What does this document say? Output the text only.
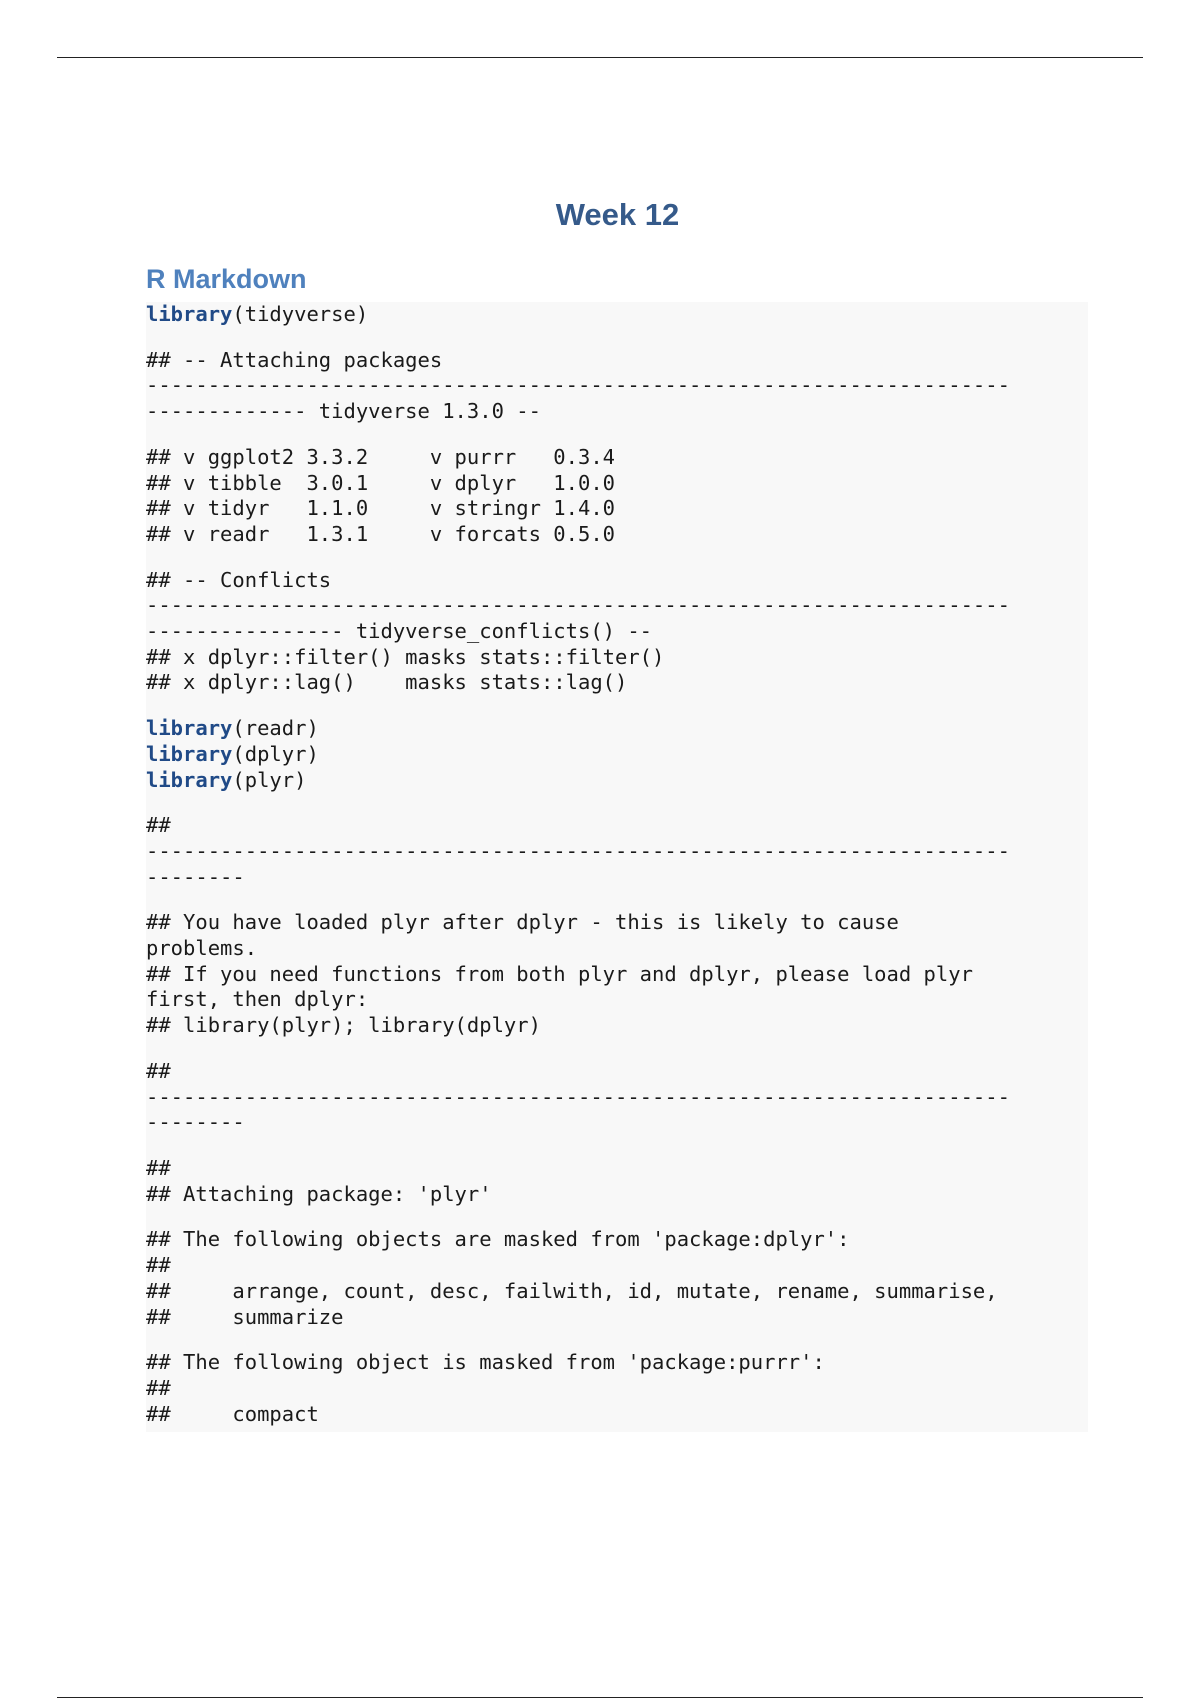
Week 12
R Markdown
library(tidyverse)
## -- Attaching packages
----------------------------------------------------------------------
------------- tidyverse 1.3.0 --
## v ggplot2 3.3.2     v purrr   0.3.4
## v tibble  3.0.1     v dplyr   1.0.0
## v tidyr   1.1.0     v stringr 1.4.0
## v readr   1.3.1     v forcats 0.5.0
## -- Conflicts
----------------------------------------------------------------------
---------------- tidyverse_conflicts() --
## x dplyr::filter() masks stats::filter()
## x dplyr::lag()    masks stats::lag()
library(readr)
library(dplyr)
library(plyr)
##
----------------------------------------------------------------------
--------
## You have loaded plyr after dplyr - this is likely to cause
problems.
## If you need functions from both plyr and dplyr, please load plyr
first, then dplyr:
## library(plyr); library(dplyr)
##
----------------------------------------------------------------------
--------
##
## Attaching package: 'plyr'
## The following objects are masked from 'package:dplyr':
##
##     arrange, count, desc, failwith, id, mutate, rename, summarise,
##     summarize
## The following object is masked from 'package:purrr':
##
##     compact
